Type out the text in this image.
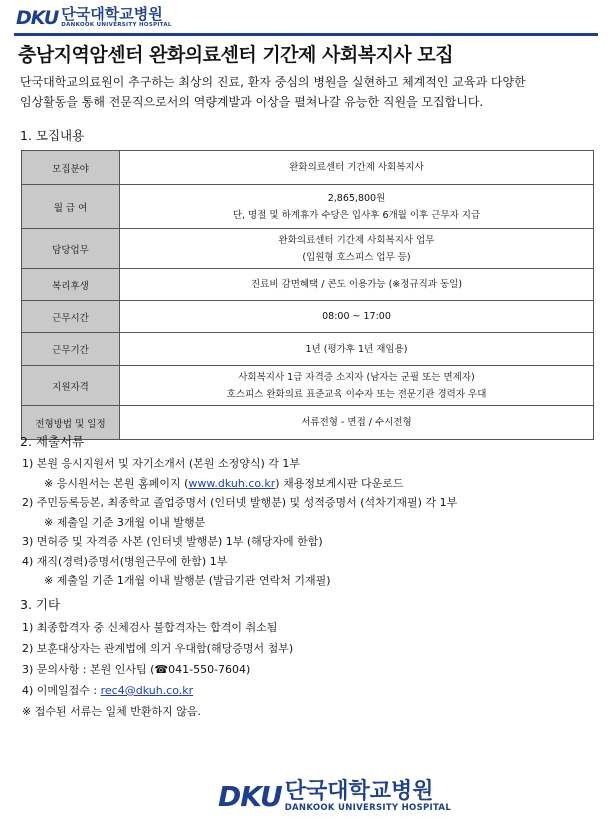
DKU 단국대학교병원
DANKOOK UNIVERSITY HOSPITAL
충남지역암센터 완화의료센터 기간제 사회복지사 모집
단국대학교의료원이 추구하는 최상의 진료, 환자 중심의 병원을 실현하고 체계적인 교육과 다양한
임상활동을 통해 전문직으로서의 역량계발과 이상을 펼쳐나갈 유능한 직원을 모집합니다.
1. 모집내용
모집분야	완화의료센터 기간제 사회복지사

월 급 여	2,865,800원
단, 명절 및 하계휴가 수당은 입사후 6개월 이후 근무자 지급

담당업무	완화의료센터 기간제 사회복지사 업무
(입원형 호스피스 업무 등)

복리후생	진료비 감면혜택 / 콘도 이용가능 (※정규직과 동일)

근무시간	08:00 ~ 17:00

근무기간	1년 (평가후 1년 재임용)

지원자격	사회복지사 1급 자격증 소지자 (남자는 군필 또는 면제자)
호스피스 완화의료 표준교육 이수자 또는 전문기관 경력자 우대

전형방법 및 일정	서류전형 - 면접 / 수시전형
2. 제출서류
1) 본원 응시지원서 및 자기소개서 (본원 소정양식) 각 1부
※ 응시원서는 본원 홈페이지 (www.dkuh.co.kr) 채용정보게시판 다운로드
2) 주민등록등본, 최종학교 졸업증명서 (인터넷 발행분) 및 성적증명서 (석차기재필) 각 1부
※ 제출일 기준 3개월 이내 발행분
3) 면허증 및 자격증 사본 (인터넷 발행분) 1부 (해당자에 한함)
4) 재직(경력)증명서(병원근무에 한함) 1부
※ 제출일 기준 1개월 이내 발행분 (발급기관 연락처 기재필)
3. 기타
1) 최종합격자 중 신체검사 불합격자는 합격이 취소됨
2) 보훈대상자는 관계법에 의거 우대함(해당증명서 첨부)
3) 문의사항 : 본원 인사팀 (☎041-550-7604)
4) 이메일접수 : rec4@dkuh.co.kr
※ 접수된 서류는 일체 반환하지 않음.
DKU 단국대학교병원
DANKOOK UNIVERSITY HOSPITAL
